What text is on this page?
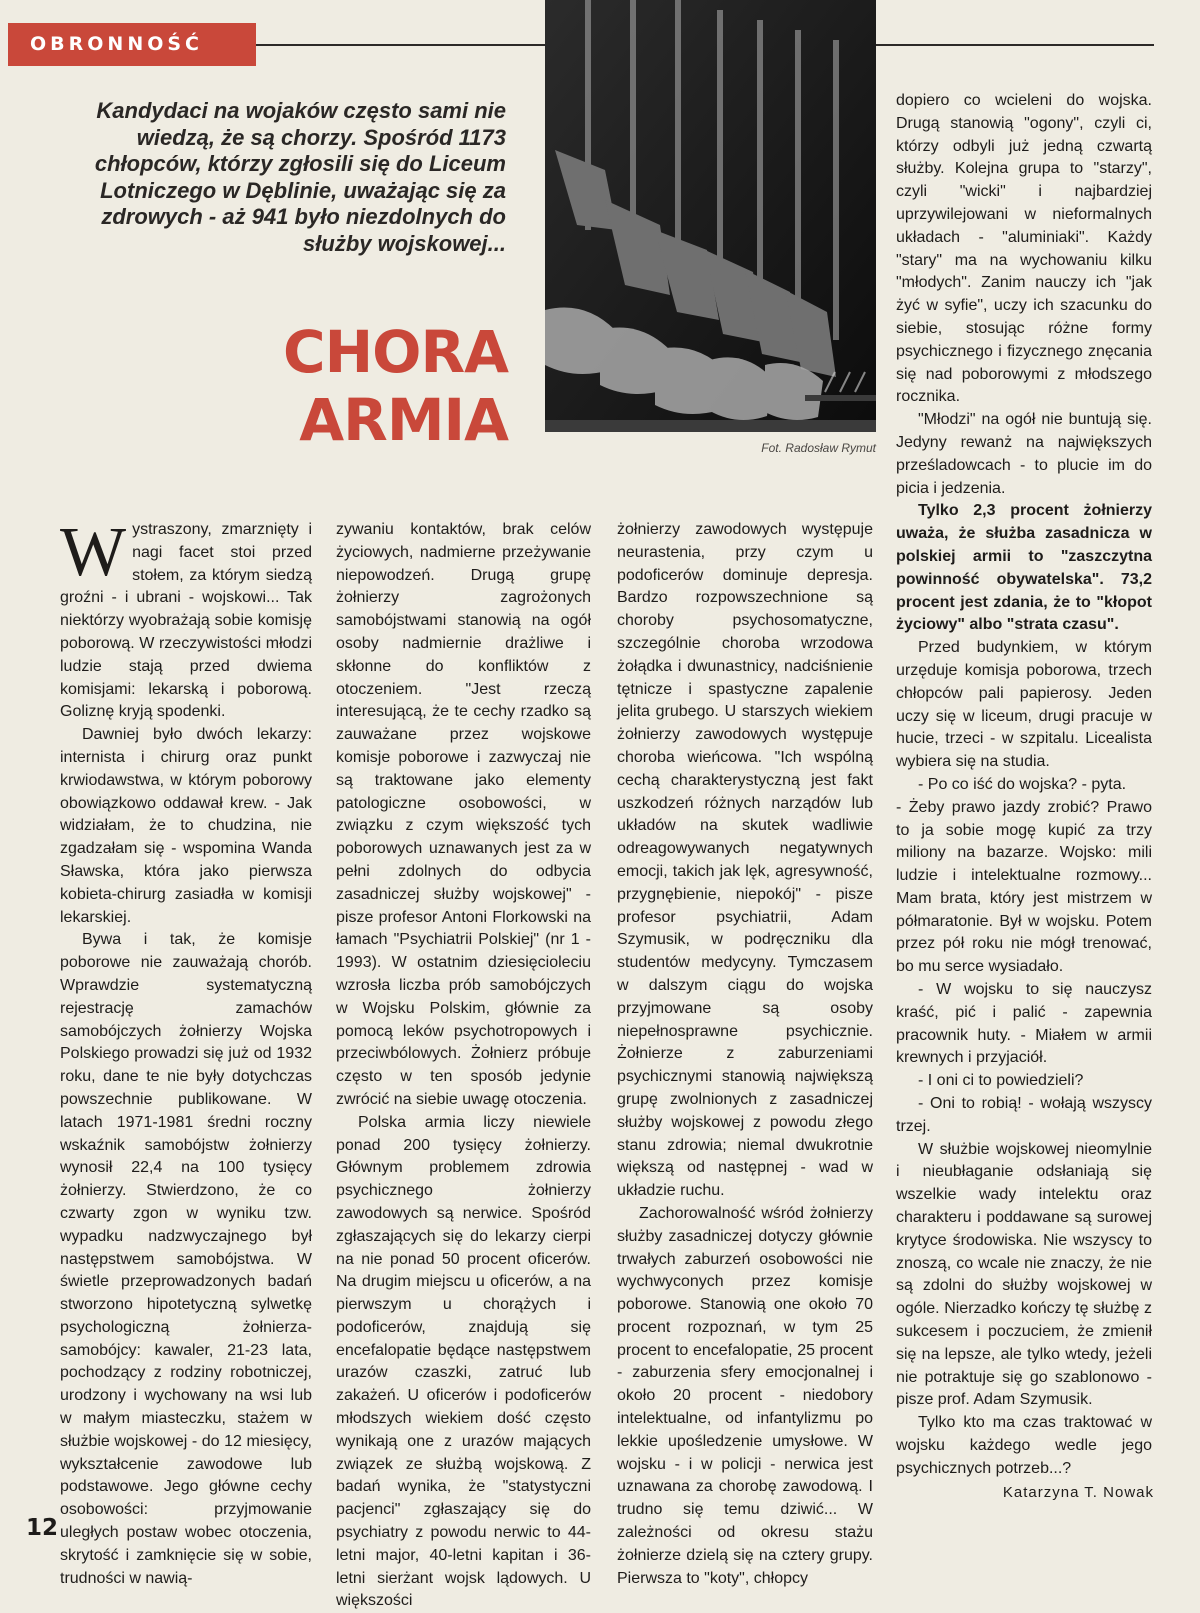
OBRONNOŚĆ
Kandydaci na wojaków często sami nie wiedzą, że są chorzy. Spośród 1173 chłopców, którzy zgłosili się do Liceum Lotniczego w Dęblinie, uważając się za zdrowych - aż 941 było niezdolnych do służby wojskowej...
CHORA
ARMIA	Fot. Radosław Rymut

Wystraszony, zmarznięty i nagi facet stoi przed stołem, za którym siedzą groźni - i ubrani - wojskowi... Tak niektórzy wyobrażają sobie komisję poborową. W rzeczywistości młodzi ludzie stają przed dwiema komisjami: lekarską i poborową. Goliznę kryją spodenki.

Dawniej było dwóch lekarzy: internista i chirurg oraz punkt krwiodawstwa, w którym poborowy obowiązkowo oddawał krew. - Jak widziałam, że to chudzina, nie zgadzałam się - wspomina Wanda Sławska, która jako pierwsza kobieta-chirurg zasiadła w komisji lekarskiej.

Bywa i tak, że komisje poborowe nie zauważają chorób. Wprawdzie systematyczną rejestrację zamachów samobójczych żołnierzy Wojska Polskiego prowadzi się już od 1932 roku, dane te nie były dotychczas powszechnie publikowane. W latach 1971-1981 średni roczny wskaźnik samobójstw żołnierzy wynosił 22,4 na 100 tysięcy żołnierzy. Stwierdzono, że co czwarty zgon w wyniku tzw. wypadku nadzwyczajnego był następstwem samobójstwa. W świetle przeprowadzonych badań stworzono hipotetyczną sylwetkę psychologiczną żołnierza-samobójcy: kawaler, 21-23 lata, pochodzący z rodziny robotniczej, urodzony i wychowany na wsi lub w małym miasteczku, stażem w służbie wojskowej - do 12 miesięcy, wykształcenie zawodowe lub podstawowe. Jego główne cechy osobowości: przyjmowanie uległych postaw wobec otoczenia, skrytość i zamknięcie się w sobie, trudności w nawią-

zywaniu kontaktów, brak celów życiowych, nadmierne przeżywanie niepowodzeń. Drugą grupę żołnierzy zagrożonych samobójstwami stanowią na ogół osoby nadmiernie drażliwe i skłonne do konfliktów z otoczeniem. "Jest rzeczą interesującą, że te cechy rzadko są zauważane przez wojskowe komisje poborowe i zazwyczaj nie są traktowane jako elementy patologiczne osobowości, w związku z czym większość tych poborowych uznawanych jest za w pełni zdolnych do odbycia zasadniczej służby wojskowej" - pisze profesor Antoni Florkowski na łamach "Psychiatrii Polskiej" (nr 1 - 1993). W ostatnim dziesięcioleciu wzrosła liczba prób samobójczych w Wojsku Polskim, głównie za pomocą leków psychotropowych i przeciwbólowych. Żołnierz próbuje często w ten sposób jedynie zwrócić na siebie uwagę otoczenia.

Polska armia liczy niewiele ponad 200 tysięcy żołnierzy. Głównym problemem zdrowia psychicznego żołnierzy zawodowych są nerwice. Spośród zgłaszających się do lekarzy cierpi na nie ponad 50 procent oficerów. Na drugim miejscu u oficerów, a na pierwszym u chorążych i podoficerów, znajdują się encefalopatie będące następstwem urazów czaszki, zatruć lub zakażeń. U oficerów i podoficerów młodszych wiekiem dość często wynikają one z urazów mających związek ze służbą wojskową. Z badań wynika, że "statystyczni pacjenci" zgłaszający się do psychiatry z powodu nerwic to 44-letni major, 40-letni kapitan i 36-letni sierżant wojsk lądowych. U większości

żołnierzy zawodowych występuje neurastenia, przy czym u podoficerów dominuje depresja. Bardzo rozpowszechnione są choroby psychosomatyczne, szczególnie choroba wrzodowa żołądka i dwunastnicy, nadciśnienie tętnicze i spastyczne zapalenie jelita grubego. U starszych wiekiem żołnierzy zawodowych występuje choroba wieńcowa. "Ich wspólną cechą charakterystyczną jest fakt uszkodzeń różnych narządów lub układów na skutek wadliwie odreagowywanych negatywnych emocji, takich jak lęk, agresywność, przygnębienie, niepokój" - pisze profesor psychiatrii, Adam Szymusik, w podręczniku dla studentów medycyny. Tymczasem w dalszym ciągu do wojska przyjmowane są osoby niepełnosprawne psychicznie. Żołnierze z zaburzeniami psychicznymi stanowią największą grupę zwolnionych z zasadniczej służby wojskowej z powodu złego stanu zdrowia; niemal dwukrotnie większą od następnej - wad w układzie ruchu.

Zachorowalność wśród żołnierzy służby zasadniczej dotyczy głównie trwałych zaburzeń osobowości nie wychwyconych przez komisje poborowe. Stanowią one około 70 procent rozpoznań, w tym 25 procent to encefalopatie, 25 procent - zaburzenia sfery emocjonalnej i około 20 procent - niedobory intelektualne, od infantylizmu po lekkie upośledzenie umysłowe. W wojsku - i w policji - nerwica jest uznawana za chorobę zawodową. I trudno się temu dziwić... W zależności od okresu stażu żołnierze dzielą się na cztery grupy. Pierwsza to "koty", chłopcy

dopiero co wcieleni do wojska. Drugą stanowią "ogony", czyli ci, którzy odbyli już jedną czwartą służby. Kolejna grupa to "starzy", czyli "wicki" i najbardziej uprzywilejowani w nieformalnych układach - "aluminiaki". Każdy "stary" ma na wychowaniu kilku "młodych". Zanim nauczy ich "jak żyć w syfie", uczy ich szacunku do siebie, stosując różne formy psychicznego i fizycznego znęcania się nad poborowymi z młodszego rocznika.

"Młodzi" na ogół nie buntują się. Jedyny rewanż na największych prześladowcach - to plucie im do picia i jedzenia.

Tylko 2,3 procent żołnierzy uważa, że służba zasadnicza w polskiej armii to "zaszczytna powinność obywatelska". 73,2 procent jest zdania, że to "kłopot życiowy" albo "strata czasu".

Przed budynkiem, w którym urzęduje komisja poborowa, trzech chłopców pali papierosy. Jeden uczy się w liceum, drugi pracuje w hucie, trzeci - w szpitalu. Licealista wybiera się na studia.

- Po co iść do wojska? - pyta.

- Żeby prawo jazdy zrobić? Prawo to ja sobie mogę kupić za trzy miliony na bazarze. Wojsko: mili ludzie i intelektualne rozmowy... Mam brata, który jest mistrzem w półmaratonie. Był w wojsku. Potem przez pół roku nie mógł trenować, bo mu serce wysiadało.

- W wojsku to się nauczysz kraść, pić i palić - zapewnia pracownik huty. - Miałem w armii krewnych i przyjaciół.

- I oni ci to powiedzieli?

- Oni to robią! - wołają wszyscy trzej.

W służbie wojskowej nieomylnie i nieubłaganie odsłaniają się wszelkie wady intelektu oraz charakteru i poddawane są surowej krytyce środowiska. Nie wszyscy to znoszą, co wcale nie znaczy, że nie są zdolni do służby wojskowej w ogóle. Nierzadko kończy tę służbę z sukcesem i poczuciem, że zmienił się na lepsze, ale tylko wtedy, jeżeli nie potraktuje się go szablonowo - pisze prof. Adam Szymusik.

Tylko kto ma czas traktować w wojsku każdego wedle jego psychicznych potrzeb...?

Katarzyna T. Nowak
12
